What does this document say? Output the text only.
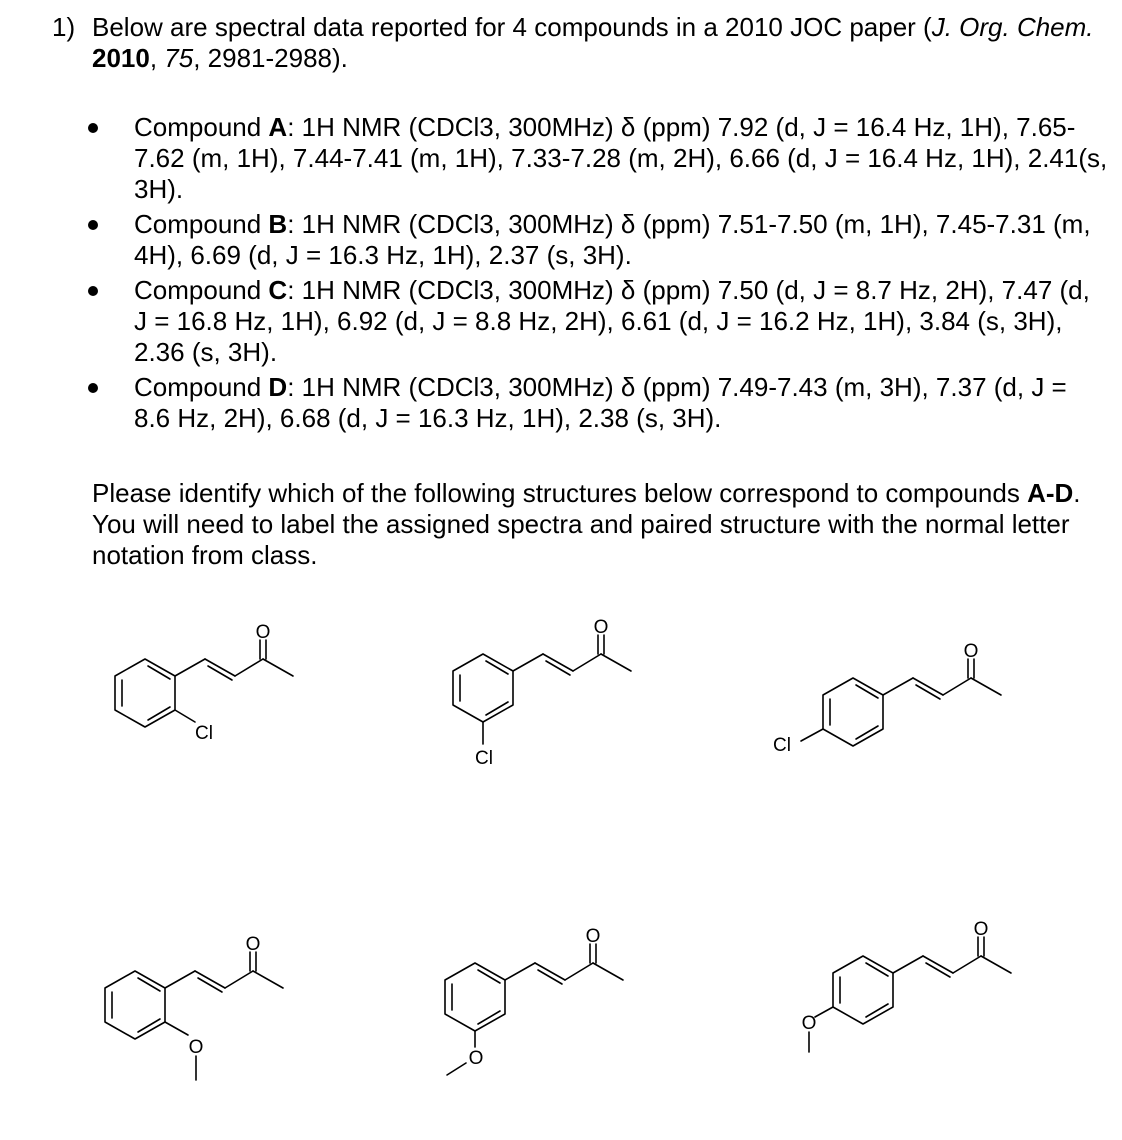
1) Below are spectral data reported for 4 compounds in a 2010 JOC paper (J. Org. Chem. 2010, 75, 2981-2988).
Compound A: 1H NMR (CDCl3, 300MHz) δ (ppm) 7.92 (d, J = 16.4 Hz, 1H), 7.65-7.62 (m, 1H), 7.44-7.41 (m, 1H), 7.33-7.28 (m, 2H), 6.66 (d, J = 16.4 Hz, 1H), 2.41(s, 3H).
Compound B: 1H NMR (CDCl3, 300MHz) δ (ppm) 7.51-7.50 (m, 1H), 7.45-7.31 (m, 4H), 6.69 (d, J = 16.3 Hz, 1H), 2.37 (s, 3H).
Compound C: 1H NMR (CDCl3, 300MHz) δ (ppm) 7.50 (d, J = 8.7 Hz, 2H), 7.47 (d, J = 16.8 Hz, 1H), 6.92 (d, J = 8.8 Hz, 2H), 6.61 (d, J = 16.2 Hz, 1H), 3.84 (s, 3H), 2.36 (s, 3H).
Compound D: 1H NMR (CDCl3, 300MHz) δ (ppm) 7.49-7.43 (m, 3H), 7.37 (d, J = 8.6 Hz, 2H), 6.68 (d, J = 16.3 Hz, 1H), 2.38 (s, 3H).
Please identify which of the following structures below correspond to compounds A-D. You will need to label the assigned spectra and paired structure with the normal letter notation from class.
O
Cl
O
Cl
O
Cl
O
O
O
O
O
O
